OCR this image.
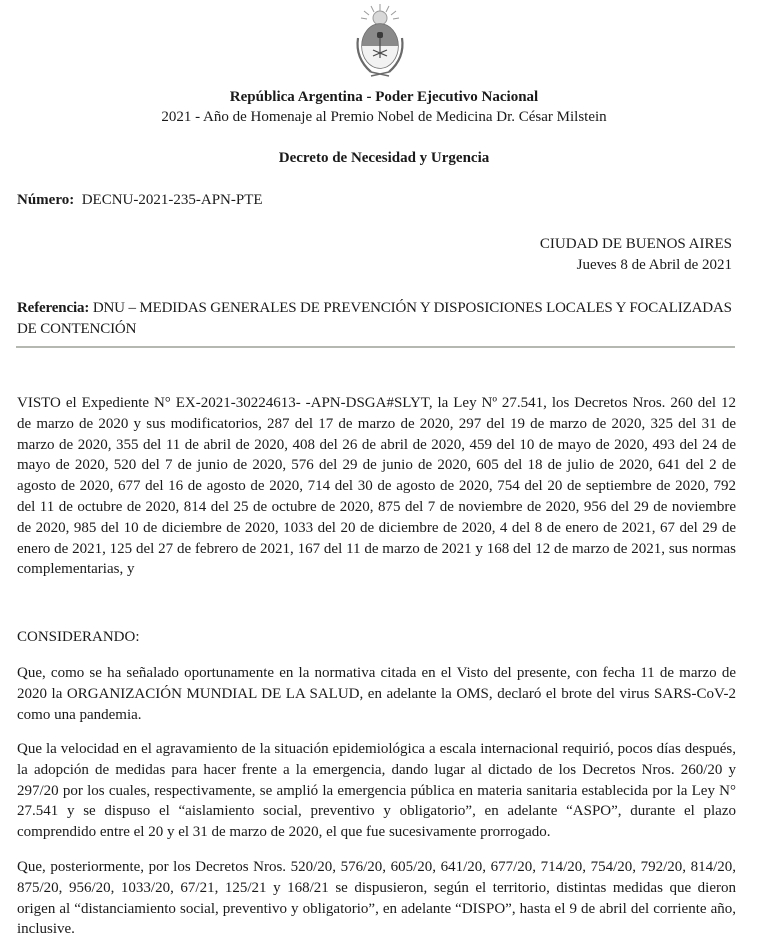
República Argentina - Poder Ejecutivo Nacional
2021 - Año de Homenaje al Premio Nobel de Medicina Dr. César Milstein
Decreto de Necesidad y Urgencia
Número: DECNU-2021-235-APN-PTE
CIUDAD DE BUENOS AIRES
Jueves 8 de Abril de 2021
Referencia: DNU – MEDIDAS GENERALES DE PREVENCIÓN Y DISPOSICIONES LOCALES Y FOCALIZADAS DE CONTENCIÓN
VISTO el Expediente N° EX-2021-30224613- -APN-DSGA#SLYT, la Ley Nº 27.541, los Decretos Nros. 260 del 12 de marzo de 2020 y sus modificatorios, 287 del 17 de marzo de 2020, 297 del 19 de marzo de 2020, 325 del 31 de marzo de 2020, 355 del 11 de abril de 2020, 408 del 26 de abril de 2020, 459 del 10 de mayo de 2020, 493 del 24 de mayo de 2020, 520 del 7 de junio de 2020, 576 del 29 de junio de 2020, 605 del 18 de julio de 2020, 641 del 2 de agosto de 2020, 677 del 16 de agosto de 2020, 714 del 30 de agosto de 2020, 754 del 20 de septiembre de 2020, 792 del 11 de octubre de 2020, 814 del 25 de octubre de 2020, 875 del 7 de noviembre de 2020, 956 del 29 de noviembre de 2020, 985 del 10 de diciembre de 2020, 1033 del 20 de diciembre de 2020, 4 del 8 de enero de 2021, 67 del 29 de enero de 2021, 125 del 27 de febrero de 2021, 167 del 11 de marzo de 2021 y 168 del 12 de marzo de 2021, sus normas complementarias, y
CONSIDERANDO:
Que, como se ha señalado oportunamente en la normativa citada en el Visto del presente, con fecha 11 de marzo de 2020 la ORGANIZACIÓN MUNDIAL DE LA SALUD, en adelante la OMS, declaró el brote del virus SARS-CoV-2 como una pandemia.
Que la velocidad en el agravamiento de la situación epidemiológica a escala internacional requirió, pocos días después, la adopción de medidas para hacer frente a la emergencia, dando lugar al dictado de los Decretos Nros. 260/20 y 297/20 por los cuales, respectivamente, se amplió la emergencia pública en materia sanitaria establecida por la Ley N° 27.541 y se dispuso el “aislamiento social, preventivo y obligatorio”, en adelante “ASPO”, durante el plazo comprendido entre el 20 y el 31 de marzo de 2020, el que fue sucesivamente prorrogado.
Que, posteriormente, por los Decretos Nros. 520/20, 576/20, 605/20, 641/20, 677/20, 714/20, 754/20, 792/20, 814/20, 875/20, 956/20, 1033/20, 67/21, 125/21 y 168/21 se dispusieron, según el territorio, distintas medidas que dieron origen al “distanciamiento social, preventivo y obligatorio”, en adelante “DISPO”, hasta el 9 de abril del corriente año, inclusive.
